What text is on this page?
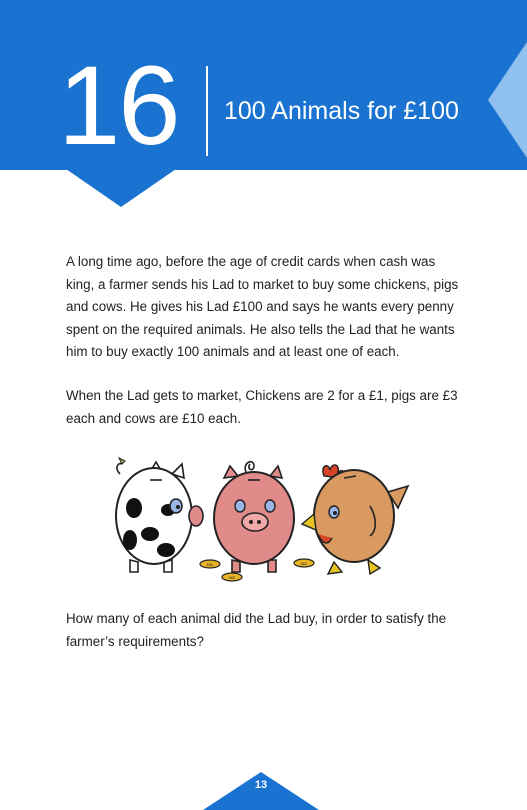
16 100 Animals for £100

A long time ago, before the age of credit cards when cash was king, a farmer sends his Lad to market to buy some chickens, pigs and cows. He gives his Lad £100 and says he wants every penny spent on the required animals. He also tells the Lad that he wants him to buy exactly 100 animals and at least one of each.

When the Lad gets to market, Chickens are 2 for a £1, pigs are £3 each and cows are £10 each.

£££
£££
£££

How many of each animal did the Lad buy, in order to satisfy the farmer’s requirements?

13
